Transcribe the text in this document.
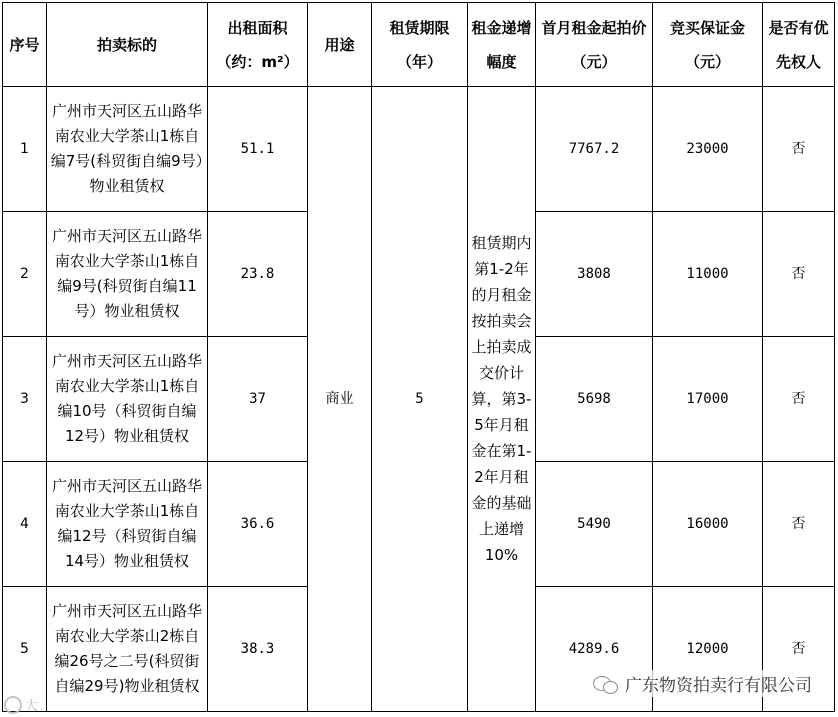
序号	拍卖标的	出租面积（约：m²）	用途	租赁期限（年）	租金递增幅度	首月租金起拍价（元）	竞买保证金（元）	是否有优先权人
1	广州市天河区五山路华南农业大学茶山1栋自编7号(科贸街自编9号）物业租赁权	51.1	商业	5	租赁期内第1-2年的月租金按拍卖会上拍卖成交价计算，第3-5年月租金在第1-2年月租金的基础上递增10%	7767.2	23000	否
2	广州市天河区五山路华南农业大学茶山1栋自编9号(科贸街自编11号）物业租赁权	23.8				3808	11000	否
3	广州市天河区五山路华南农业大学茶山1栋自编10号（科贸街自编12号）物业租赁权	37				5698	17000	否
4	广州市天河区五山路华南农业大学茶山1栋自编12号（科贸街自编14号）物业租赁权	36.6				5490	16000	否
5	广州市天河区五山路华南农业大学茶山2栋自编26号之二号(科贸街自编29号)物业租赁权	38.3				4289.6	12000	否
广东物资拍卖行有限公司
大
